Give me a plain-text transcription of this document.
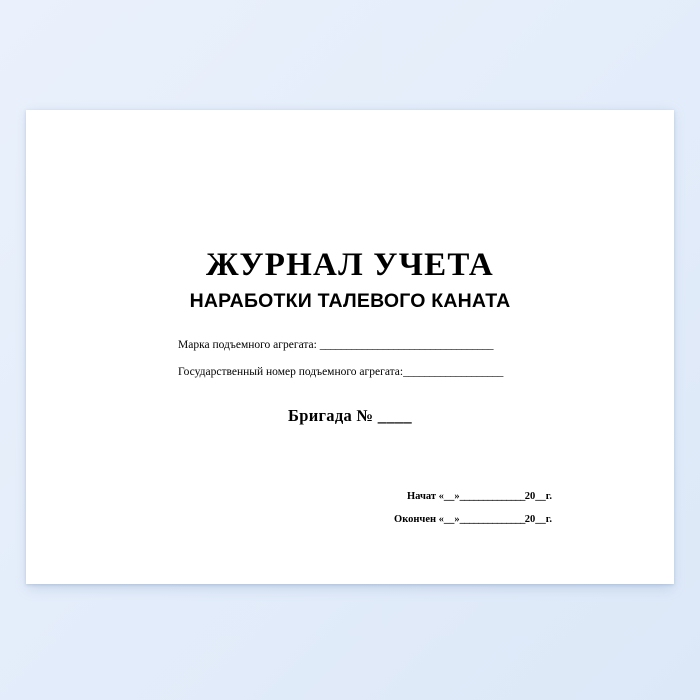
ЖУРНАЛ УЧЕТА
НАРАБОТКИ ТАЛЕВОГО КАНАТА
Марка подъемного агрегата: _________________________________
Государственный номер подъемного агрегата:___________________
Бригада № ____
Начат «__»______________20__г.
Окончен «__»______________20__г.
